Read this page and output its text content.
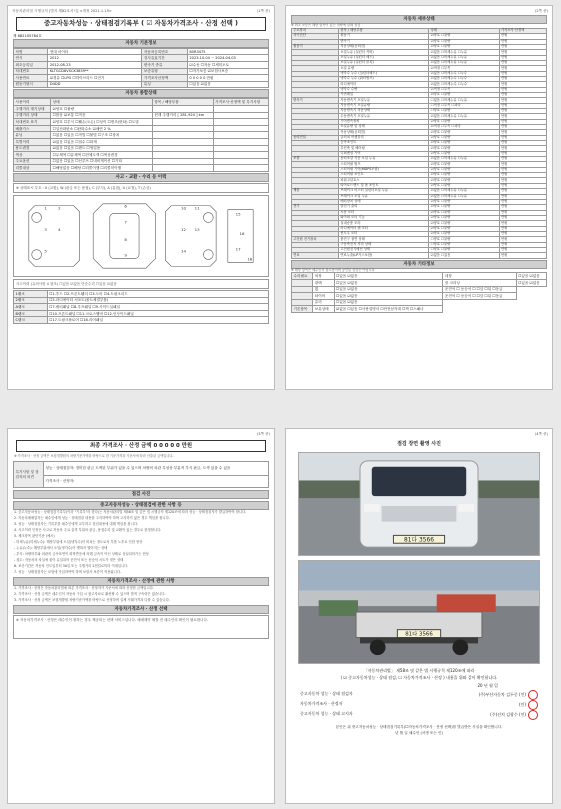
자동차관리법 시행규칙 [별지 제82호서식] <개정 2021.1.19>	(1쪽 중)
중고자동차성능 · 상태점검기록부 ( ☑ 자동차가격조사 · 산정 선택 )
제 882105784호
자동차 기본정보
차명	현대 마이티	자동차등록번호	80R3475
연식	2012	검사유효기간	2023.10.04 ~ 2024.04.03
최초등록일	2012-08-23	변속기 종류	☑수동 ☐자동 ☐세미오토
차대번호	KLTGCD8VSCK3839**	보증유형	☐자가보증 ☑보험사보증
사용연료	☑경유 ☐LPG ☐하이브리드 ☐전기	가격조사산정액	0 0 0 0 0 만원
원동기형식	D4DD	튜닝	☐있음 ☑없음
자동차 종합상태
사용이력	상태	항목 / 해당부품	가격조사·산정액 및 특기사항
주행거리 계기상태	☑양호 ☐불량		
주행거리 상태	☐많음 ☑보통 ☐적음	현재 주행거리 [ 281,924 ] km	
차대번호 표기	☑양호 ☐부식 ☐훼손(오손) ☐상이 ☐변조(변타) ☐도말		
배출가스	☐일산화탄소 ☐탄화수소 ☑매연 2 %		
튜닝	☐없음 ☐있음 ☐적법 ☐불법 ☐구조 ☐장치		
특별이력	☑없음 ☐있음 ☐침수 ☐화재		
용도변경	☑없음 ☐있음 ☐렌트 ☐영업용		
색상	☐무채색 ☐유채색 ☐전체도색 ☐색상변경		
주요옵션	☐없음 ☐있음 ☐선루프 ☐네비게이션 ☐기타		
리콜대상	☐해당없음 ☐해당 ☐리콜이행 ☐리콜미이행		
사고 · 교환 · 수리 등 이력
※ 상태표시 부호 : X (교환), W (판금 또는 용접), C (부식), A (흠집), U (요철), T (손상)
1	2
3	4
5
6
7
8
9
10 11
12 13
14
15
16
17
18
사고이력 (유의사항 4 참조) ☐있음 ☑없음 단순수리 ☐있음 ☑없음
1랭크	☐1.후드 ☐2.프론트휀더 ☐3.도어 ☐4.트렁크리드
2랭크	☐5.라디에이터 서포트(볼트체결부품)
A랭크	☐7.쿼터패널 ☐8.루프패널 ☐9.사이드실패널
B랭크	☐10.프론트패널 ☐11.크로스멤버 ☐12.인사이드패널
C랭크	☐17.트렁크플로어 ☐18.리어패널
(2쪽 중)
자동차 세부상태
※ 최초 보증은 해당 항목이 있는 차량에 한해 점검
주요장치	항목 / 해당부품	상태	가격조사·산정액
자기진단	원동기	☑양호 ☐불량	만원
	변속기	☑양호 ☐불량	만원
원동기	작동상태(공회전)	☑양호 ☐불량	만원
	오일누유 (실린더 커버)	☑없음 ☐미세누유 ☐누유	만원
	오일누유 (실린더 헤드)	☑없음 ☐미세누유 ☐누유	만원
	오일누유 (실린더 블록)	☑없음 ☐미세누유 ☐누유	만원
	오일 유량	☑적정 ☐부족	만원
	냉각수 누수 (실린더헤드)	☑없음 ☐미세누수 ☐누수	만원
	냉각수 누수 (워터펌프)	☑없음 ☐미세누수 ☐누수	만원
	라디에이터	☑없음 ☐미세누수 ☐누수	만원
	냉각수 수량	☑적정 ☐부족	만원
	커먼레일	☑양호 ☐불량	만원
변속기	자동변속기 오일누유	☐없음 ☐미세누유 ☐누유	만원
	자동변속기 오일유량	☐적정 ☐부족 ☐과다	만원
	자동변속기 작동상태	☐양호 ☐불량	만원
	수동변속기 오일누유	☑없음 ☐미세누유 ☐누유	만원
	기어변속장치	☑양호 ☐불량	만원
	오일유량 및 상태	☑적정 ☐부족 ☐과다	만원
	작동상태(공회전)	☑양호 ☐불량	만원
동력전달	클러치 어셈블리	☑양호 ☐불량	만원
	등속조인트	☑양호 ☐불량	만원
	추진축 및 베어링	☑양호 ☐불량	만원
	디퍼렌셜 기어	☑양호 ☐불량	만원
조향	동력조향 작동 오일 누유	☑없음 ☐미세누유 ☐누유	만원
	스티어링 펌프	☑양호 ☐불량	만원
	스티어링 기어(MDPS포함)	☑양호 ☐불량	만원
	스티어링 조인트	☑양호 ☐불량	만원
	파워고압호스	☑양호 ☐불량	만원
	타이로드엔드 및 볼 조인트	☑양호 ☐불량	만원
제동	브레이크 마스터 실린더오일 누유	☑없음 ☐미세누유 ☐누유	만원
	브레이크 오일 누유	☑없음 ☐미세누유 ☐누유	만원
	배력장치 상태	☑양호 ☐불량	만원
전기	발전기 출력	☑양호 ☐불량	만원
	시동 모터	☑양호 ☐불량	만원
	와이퍼 모터 기능	☑양호 ☐불량	만원
	실내송풍 모터	☑양호 ☐불량	만원
	라디에이터 팬 모터	☑양호 ☐불량	만원
	윈도우 모터	☑양호 ☐불량	만원
고전원 전기장치	충전구 절연 상태	☐양호 ☐불량	만원
	구동축전지 격리 상태	☐양호 ☐불량	만원
	고전원전기배선 상태	☐양호 ☐불량	만원
연료	연료누출(LP가스포함)	☑없음 ☐있음	만원
자동차 기타정보
※ 해당 항목은 매수인의 참고용이며 공인된 점검은 아닙니다
수리필요	외장	☐있음 ☑없음	내장	☐있음 ☑없음
	광택	☐있음 ☑없음	룸 크리닝	☐있음 ☑없음
	휠	☐있음 ☑없음	운전석 ☐ 동승석 ☐ ☐앞 ☐뒤 ☐응급	
	타이어	☐있음 ☑없음	운전석 ☐ 동승석 ☐ ☐앞 ☐뒤 ☐응급	
	유리	☐있음 ☑없음		
기본품목	보유상태	☑없음 ☐있음 ☐사용설명서 ☐안전삼각대 ☐잭 ☐스패너		
(3쪽 중)
최종 가격조사 · 산정 금액 0 0 0 0 0 만원
※ 가격조사 · 산정 금액은 보험개발원의 차량기준가액을 바탕으로 한 기준가격과 기준서에 따라 산출된 금액입니다.
특기사항 및 점검자의 의견	성능 · 상태점검자: 경미한 판금 도색된 부위가 있을 수 있으며 차량의 외관 특성상 부분적 부식 판금, 도색 있을 수 있음
가격조사 · 산정자:
점검 사진
중고자동차성능 · 상태점검에 관한 사항 등

1. 중고자동차성능 · 상태점검기록부(이하 "기록부"라 한다)는 자동차관리법 제58조 및 같은 법 시행규칙 제120조에 따라 성능 · 상태점검자가 발급하여야 합니다.

2. 자동차매매업자는 매수인에게 성능 · 상태점검 내용을 고지하여야 하며 고지하지 않은 경우 책임을 집니다.

3. 성능 · 상태점검자는 기록부를 매수인에게 교부하고 점검내용에 대해 책임을 집니다.

4. 사고이력 인정은 사고로 자동차 주요 골격 부위의 판금, 용접수리 및 교환이 있는 경우로 한정합니다.

5. 체크항목 판단기준 (예시)

- 미세누유(미세누수): 해당부위에 오일(냉각수)이 비치는 정도로서 부품 노후로 인한 현상

- 누유(누수): 해당부위에서 오일(냉각수)이 맺혀서 떨어지는 상태

- 부식: 차량하부와 외판의 금속표면이 화학반응에 의해 금속이 아닌 상태로 상실되어가는 현상

- 침수: 자동차의 차실에 물이 유입되어 운전석 또는 동승석 시트가 젖은 상태

6. 보증기간은 자동차 인도일부터 30일 또는 주행거리 2천킬로미터 이내입니다.

7. 성능 · 상태점검자는 보험에 가입하여야 하며 보험사 보증이 적용됩니다.

자동차가격조사 · 산정에 관한 사항

1. 가격조사 · 산정은 자동차관리법에 따른 가격조사 · 산정자가 기준서에 따라 산정한 금액입니다.

2. 가격조사 · 산정 금액은 매수인이 자동차 구입 시 참고자료로 활용할 수 있으며 법적 구속력은 없습니다.

3. 가격조사 · 산정 금액은 보험개발원 차량기준가액을 바탕으로 산정하며 실제 거래가격과 다를 수 있습니다.

자동차가격조사 · 산정 선택
※ 자동차가격조사 · 산정은 매수인이 원하는 경우 제공되는 선택 서비스입니다. 매매계약 체결 전 매수인의 확인이 필요합니다.
(4쪽 중)
점검 장면 촬영 사진
81다 3566
81다 3566
「자동차관리법」 제58조 및 같은 법 시행규칙 제120조에 따라
( ☑ 중고자동차성능 · 상태 점검, ☐ 자동차가격조사 · 산정 ) 내용을 위와 같이 확인합니다.
20 년 월 일
중고자동차 성능 · 상태 점검자	(주)부산자동차 김두중 (인)
자동차가격조사 · 산정자	(인)
중고자동차 성능 · 상태 고지자	(주)선치 김광수 (인)
본인은 위 중고자동차성능 · 상태점검기록부(☐자동차가격조사 · 산정 선택)를 발급받은 사실을 확인합니다.
년 월 일 매수인 (서명 또는 인)
